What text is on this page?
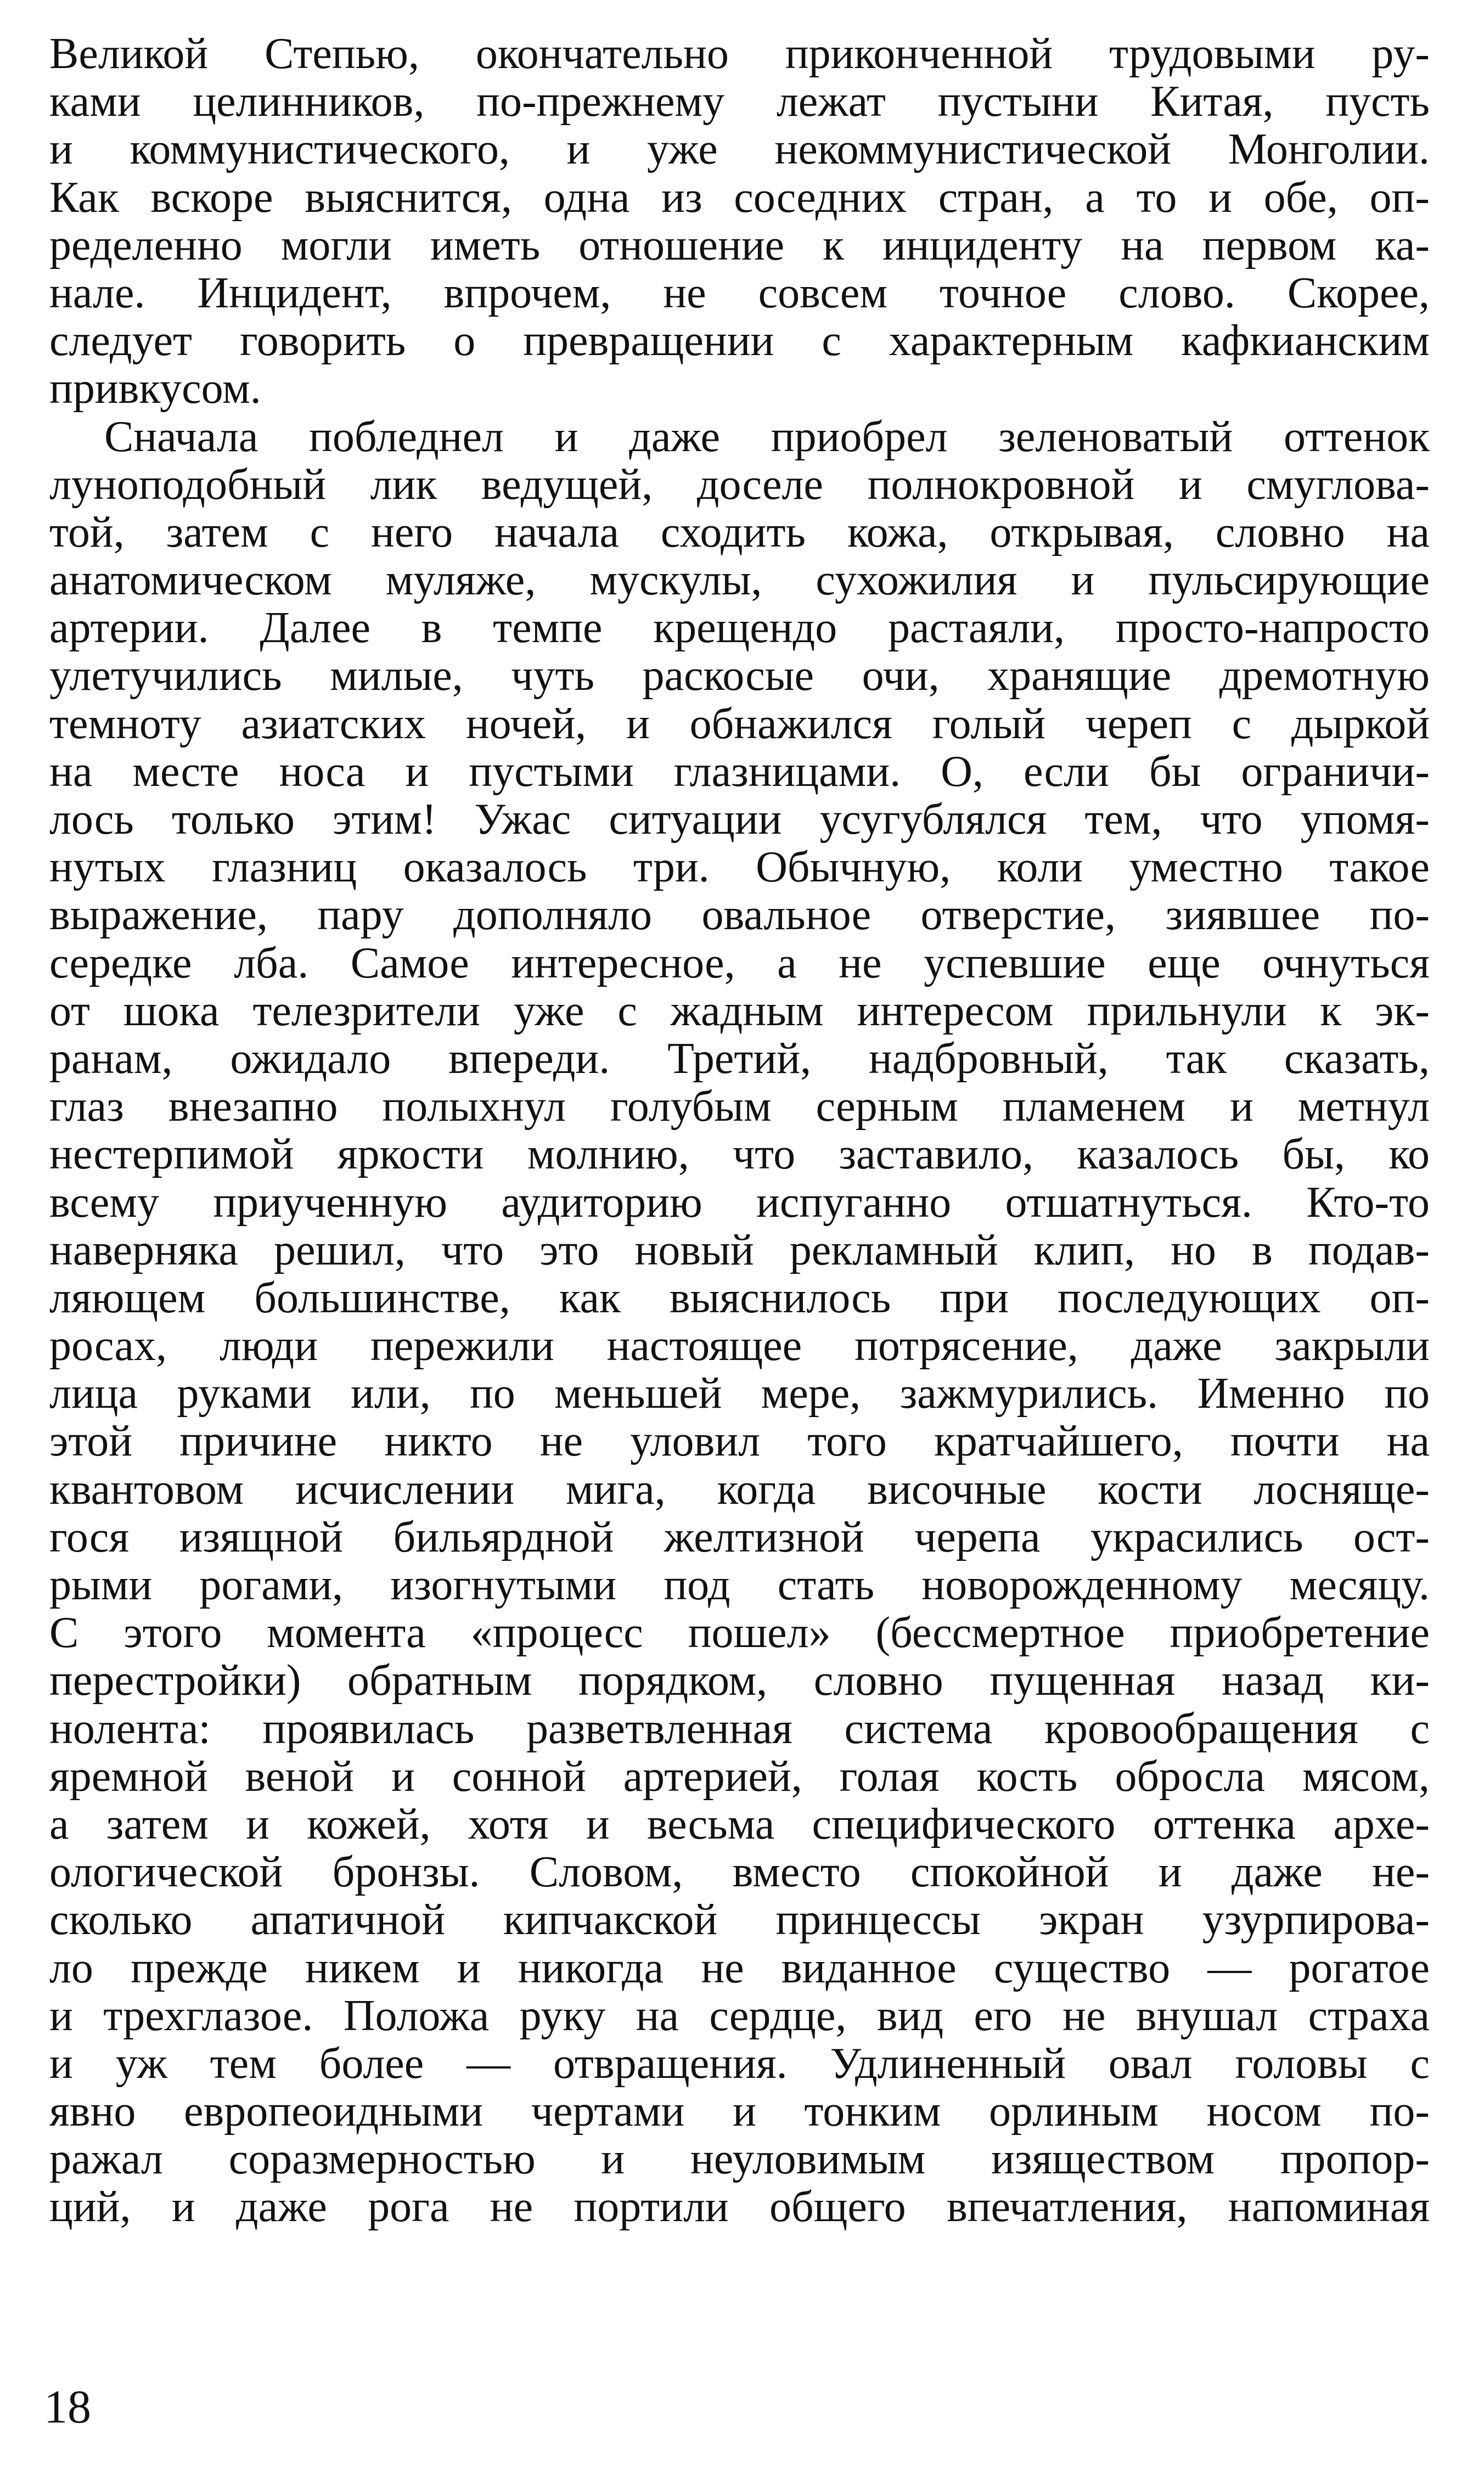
Великой Степью, окончательно приконченной трудовыми ру-
ками целинников, по-прежнему лежат пустыни Китая, пусть
и коммунистического, и уже некоммунистической Монголии.
Как вскоре выяснится, одна из соседних стран, а то и обе, оп-
ределенно могли иметь отношение к инциденту на первом ка-
нале. Инцидент, впрочем, не совсем точное слово. Скорее,
следует говорить о превращении с характерным кафкианским
привкусом.
Сначала побледнел и даже приобрел зеленоватый оттенок
луноподобный лик ведущей, доселе полнокровной и смуглова-
той, затем с него начала сходить кожа, открывая, словно на
анатомическом муляже, мускулы, сухожилия и пульсирующие
артерии. Далее в темпе крещендо растаяли, просто-напросто
улетучились милые, чуть раскосые очи, хранящие дремотную
темноту азиатских ночей, и обнажился голый череп с дыркой
на месте носа и пустыми глазницами. О, если бы ограничи-
лось только этим! Ужас ситуации усугублялся тем, что упомя-
нутых глазниц оказалось три. Обычную, коли уместно такое
выражение, пару дополняло овальное отверстие, зиявшее по-
середке лба. Самое интересное, а не успевшие еще очнуться
от шока телезрители уже с жадным интересом прильнули к эк-
ранам, ожидало впереди. Третий, надбровный, так сказать,
глаз внезапно полыхнул голубым серным пламенем и метнул
нестерпимой яркости молнию, что заставило, казалось бы, ко
всему приученную аудиторию испуганно отшатнуться. Кто-то
наверняка решил, что это новый рекламный клип, но в подав-
ляющем большинстве, как выяснилось при последующих оп-
росах, люди пережили настоящее потрясение, даже закрыли
лица руками или, по меньшей мере, зажмурились. Именно по
этой причине никто не уловил того кратчайшего, почти на
квантовом исчислении мига, когда височные кости лосняще-
гося изящной бильярдной желтизной черепа украсились ост-
рыми рогами, изогнутыми под стать новорожденному месяцу.
С этого момента «процесс пошел» (бессмертное приобретение
перестройки) обратным порядком, словно пущенная назад ки-
нолента: проявилась разветвленная система кровообращения с
яремной веной и сонной артерией, голая кость обросла мясом,
а затем и кожей, хотя и весьма специфического оттенка архе-
ологической бронзы. Словом, вместо спокойной и даже не-
сколько апатичной кипчакской принцессы экран узурпирова-
ло прежде никем и никогда не виданное существо — рогатое
и трехглазое. Положа руку на сердце, вид его не внушал страха
и уж тем более — отвращения. Удлиненный овал головы с
явно европеоидными чертами и тонким орлиным носом по-
ражал соразмерностью и неуловимым изяществом пропор-
ций, и даже рога не портили общего впечатления, напоминая
18
